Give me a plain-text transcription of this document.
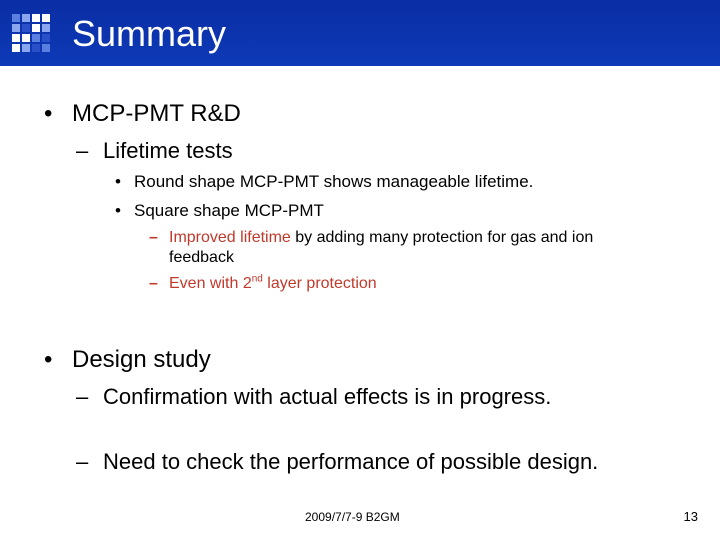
Summary
• MCP-PMT R&D
– Lifetime tests
• Round shape MCP-PMT shows manageable lifetime.
• Square shape MCP-PMT
– Improved lifetime by adding many protection for gas and ion
feedback
– Even with 2nd layer protection
• Design study
– Confirmation with actual effects is in progress.
– Need to check the performance of possible design.
2009/7/7-9 B2GM	13
